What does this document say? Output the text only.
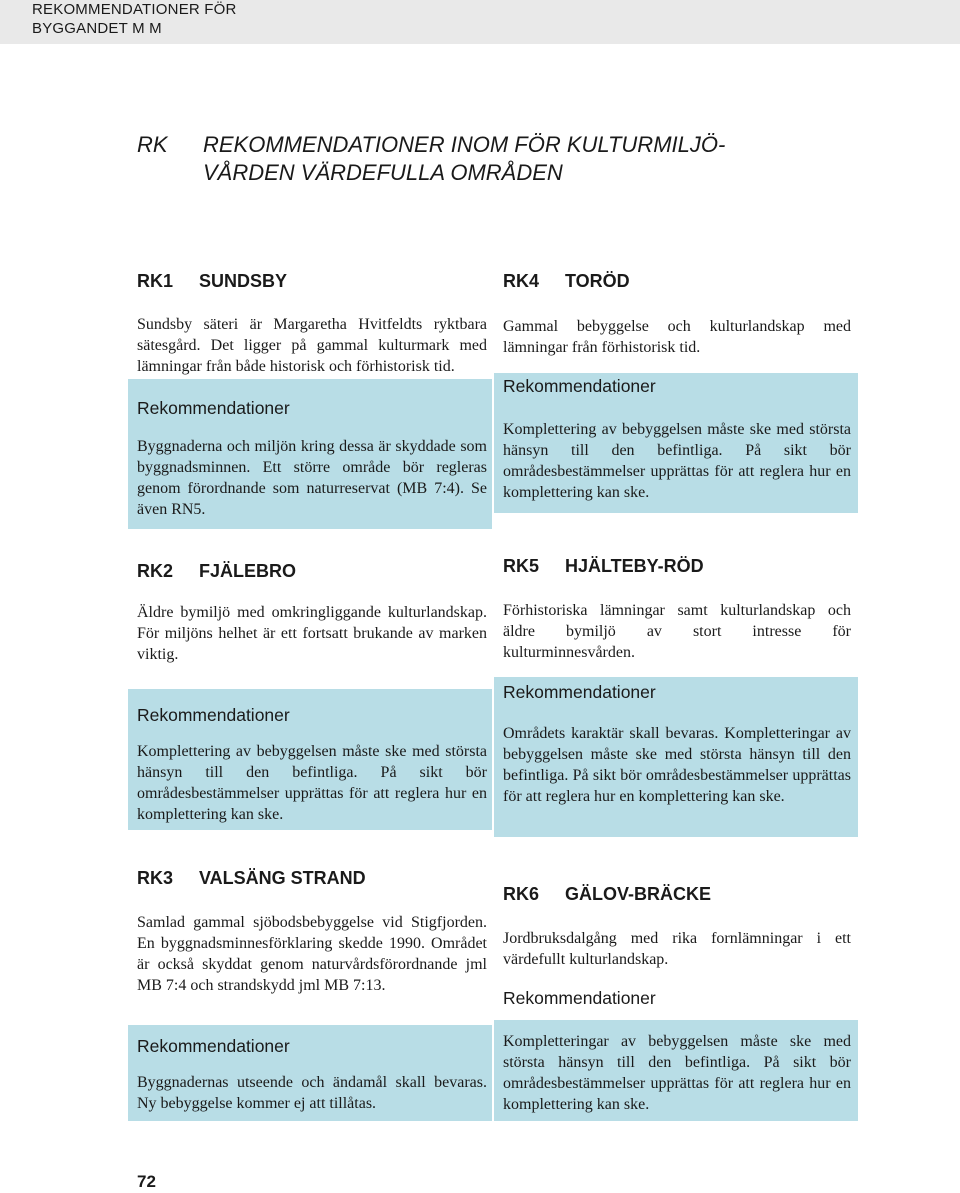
REKOMMENDATIONER FÖR
BYGGANDET M M
RK REKOMMENDATIONER INOM FÖR KULTURMILJÖ-
VÅRDEN VÄRDEFULLA OMRÅDEN
RK1 SUNDSBY
Sundsby säteri är Margaretha Hvitfeldts ryktbara sätesgård. Det ligger på gammal kulturmark med lämningar från både historisk och förhistorisk tid.
Rekommendationer
Byggnaderna och miljön kring dessa är skyddade som byggnadsminnen. Ett större område bör regleras genom förordnande som naturreservat (MB 7:4). Se även RN5.
RK2 FJÄLEBRO
Äldre bymiljö med omkringliggande kulturlandskap. För miljöns helhet är ett fortsatt brukande av marken viktig.
Rekommendationer
Komplettering av bebyggelsen måste ske med största hänsyn till den befintliga. På sikt bör områdesbestämmelser upprättas för att reglera hur en komplettering kan ske.
RK3 VALSÄNG STRAND
Samlad gammal sjöbodsbebyggelse vid Stigfjorden. En byggnadsminnesförklaring skedde 1990. Området är också skyddat genom naturvårdsförordnande jml MB 7:4 och strandskydd jml MB 7:13.
Rekommendationer
Byggnadernas utseende och ändamål skall bevaras. Ny bebyggelse kommer ej att tillåtas.
RK4 TORÖD
Gammal bebyggelse och kulturlandskap med lämningar från förhistorisk tid.
Rekommendationer
Komplettering av bebyggelsen måste ske med största hänsyn till den befintliga. På sikt bör områdesbestämmelser upprättas för att reglera hur en komplettering kan ske.
RK5 HJÄLTEBY-RÖD
Förhistoriska lämningar samt kulturlandskap och äldre bymiljö av stort intresse för kulturminnesvården.
Rekommendationer
Områdets karaktär skall bevaras. Kompletteringar av bebyggelsen måste ske med största hänsyn till den befintliga. På sikt bör områdesbestämmelser upprättas för att reglera hur en komplettering kan ske.
RK6 GÄLOV-BRÄCKE
Jordbruksdalgång med rika fornlämningar i ett värdefullt kulturlandskap.
Rekommendationer
Kompletteringar av bebyggelsen måste ske med största hänsyn till den befintliga. På sikt bör områdesbestämmelser upprättas för att reglera hur en komplettering kan ske.
72
